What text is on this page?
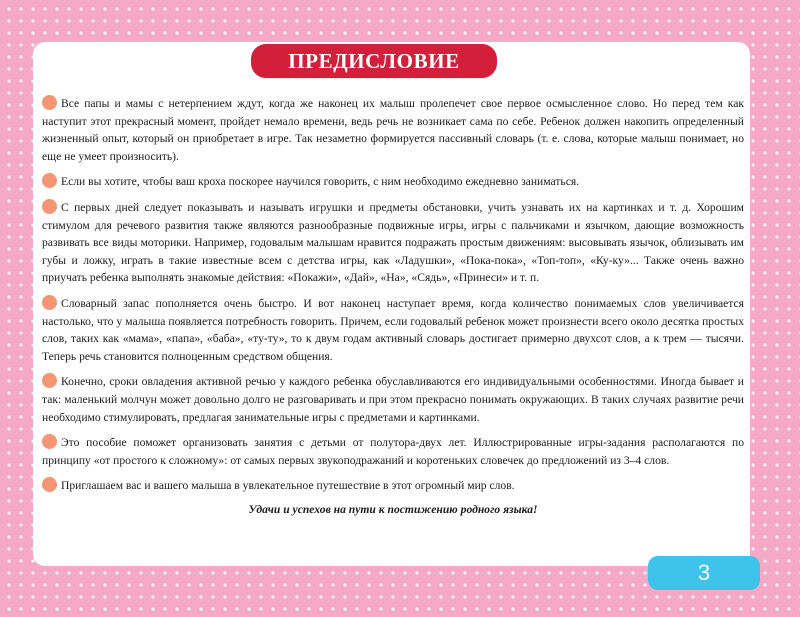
ПРЕДИСЛОВИЕ

Все папы и мамы с нетерпением ждут, когда же наконец их малыш пролепечет свое первое осмысленное слово. Но перед тем как наступит этот прекрасный момент, пройдет немало времени, ведь речь не возникает сама по себе. Ребенок должен накопить определенный жизненный опыт, который он приобретает в игре. Так незаметно формируется пассивный словарь (т. е. слова, которые малыш понимает, но еще не умеет произносить).

Если вы хотите, чтобы ваш кроха поскорее научился говорить, с ним необходимо ежедневно заниматься.

С первых дней следует показывать и называть игрушки и предметы обстановки, учить узнавать их на картинках и т. д. Хорошим стимулом для речевого развития также являются разнообразные подвижные игры, игры с пальчиками и язычком, дающие возможность развивать все виды моторики. Например, годовалым малышам нравится подражать простым движениям: высовывать язычок, облизывать им губы и ложку, играть в такие известные всем с детства игры, как «Ладушки», «Пока-пока», «Топ-топ», «Ку-ку»... Также очень важно приучать ребенка выполнять знакомые действия: «Покажи», «Дай», «На», «Сядь», «Принеси» и т. п.

Словарный запас пополняется очень быстро. И вот наконец наступает время, когда количество понимаемых слов увеличивается настолько, что у малыша появляется потребность говорить. Причем, если годовалый ребенок может произнести всего около десятка простых слов, таких как «мама», «папа», «баба», «ту-ту», то к двум годам активный словарь достигает примерно двухсот слов, а к трем — тысячи. Теперь речь становится полноценным средством общения.

Конечно, сроки овладения активной речью у каждого ребенка обуславливаются его индивидуальными особенностями. Иногда бывает и так: маленький молчун может довольно долго не разговаривать и при этом прекрасно понимать окружающих. В таких случаях развитие речи необходимо стимулировать, предлагая занимательные игры с предметами и картинками.

Это пособие поможет организовать занятия с детьми от полутора-двух лет. Иллюстрированные игры-задания располагаются по принципу «от простого к сложному»: от самых первых звукоподражаний и коротеньких словечек до предложений из 3–4 слов.

Приглашаем вас и вашего малыша в увлекательное путешествие в этот огромный мир слов.

Удачи и успехов на пути к постижению родного языка!
3
